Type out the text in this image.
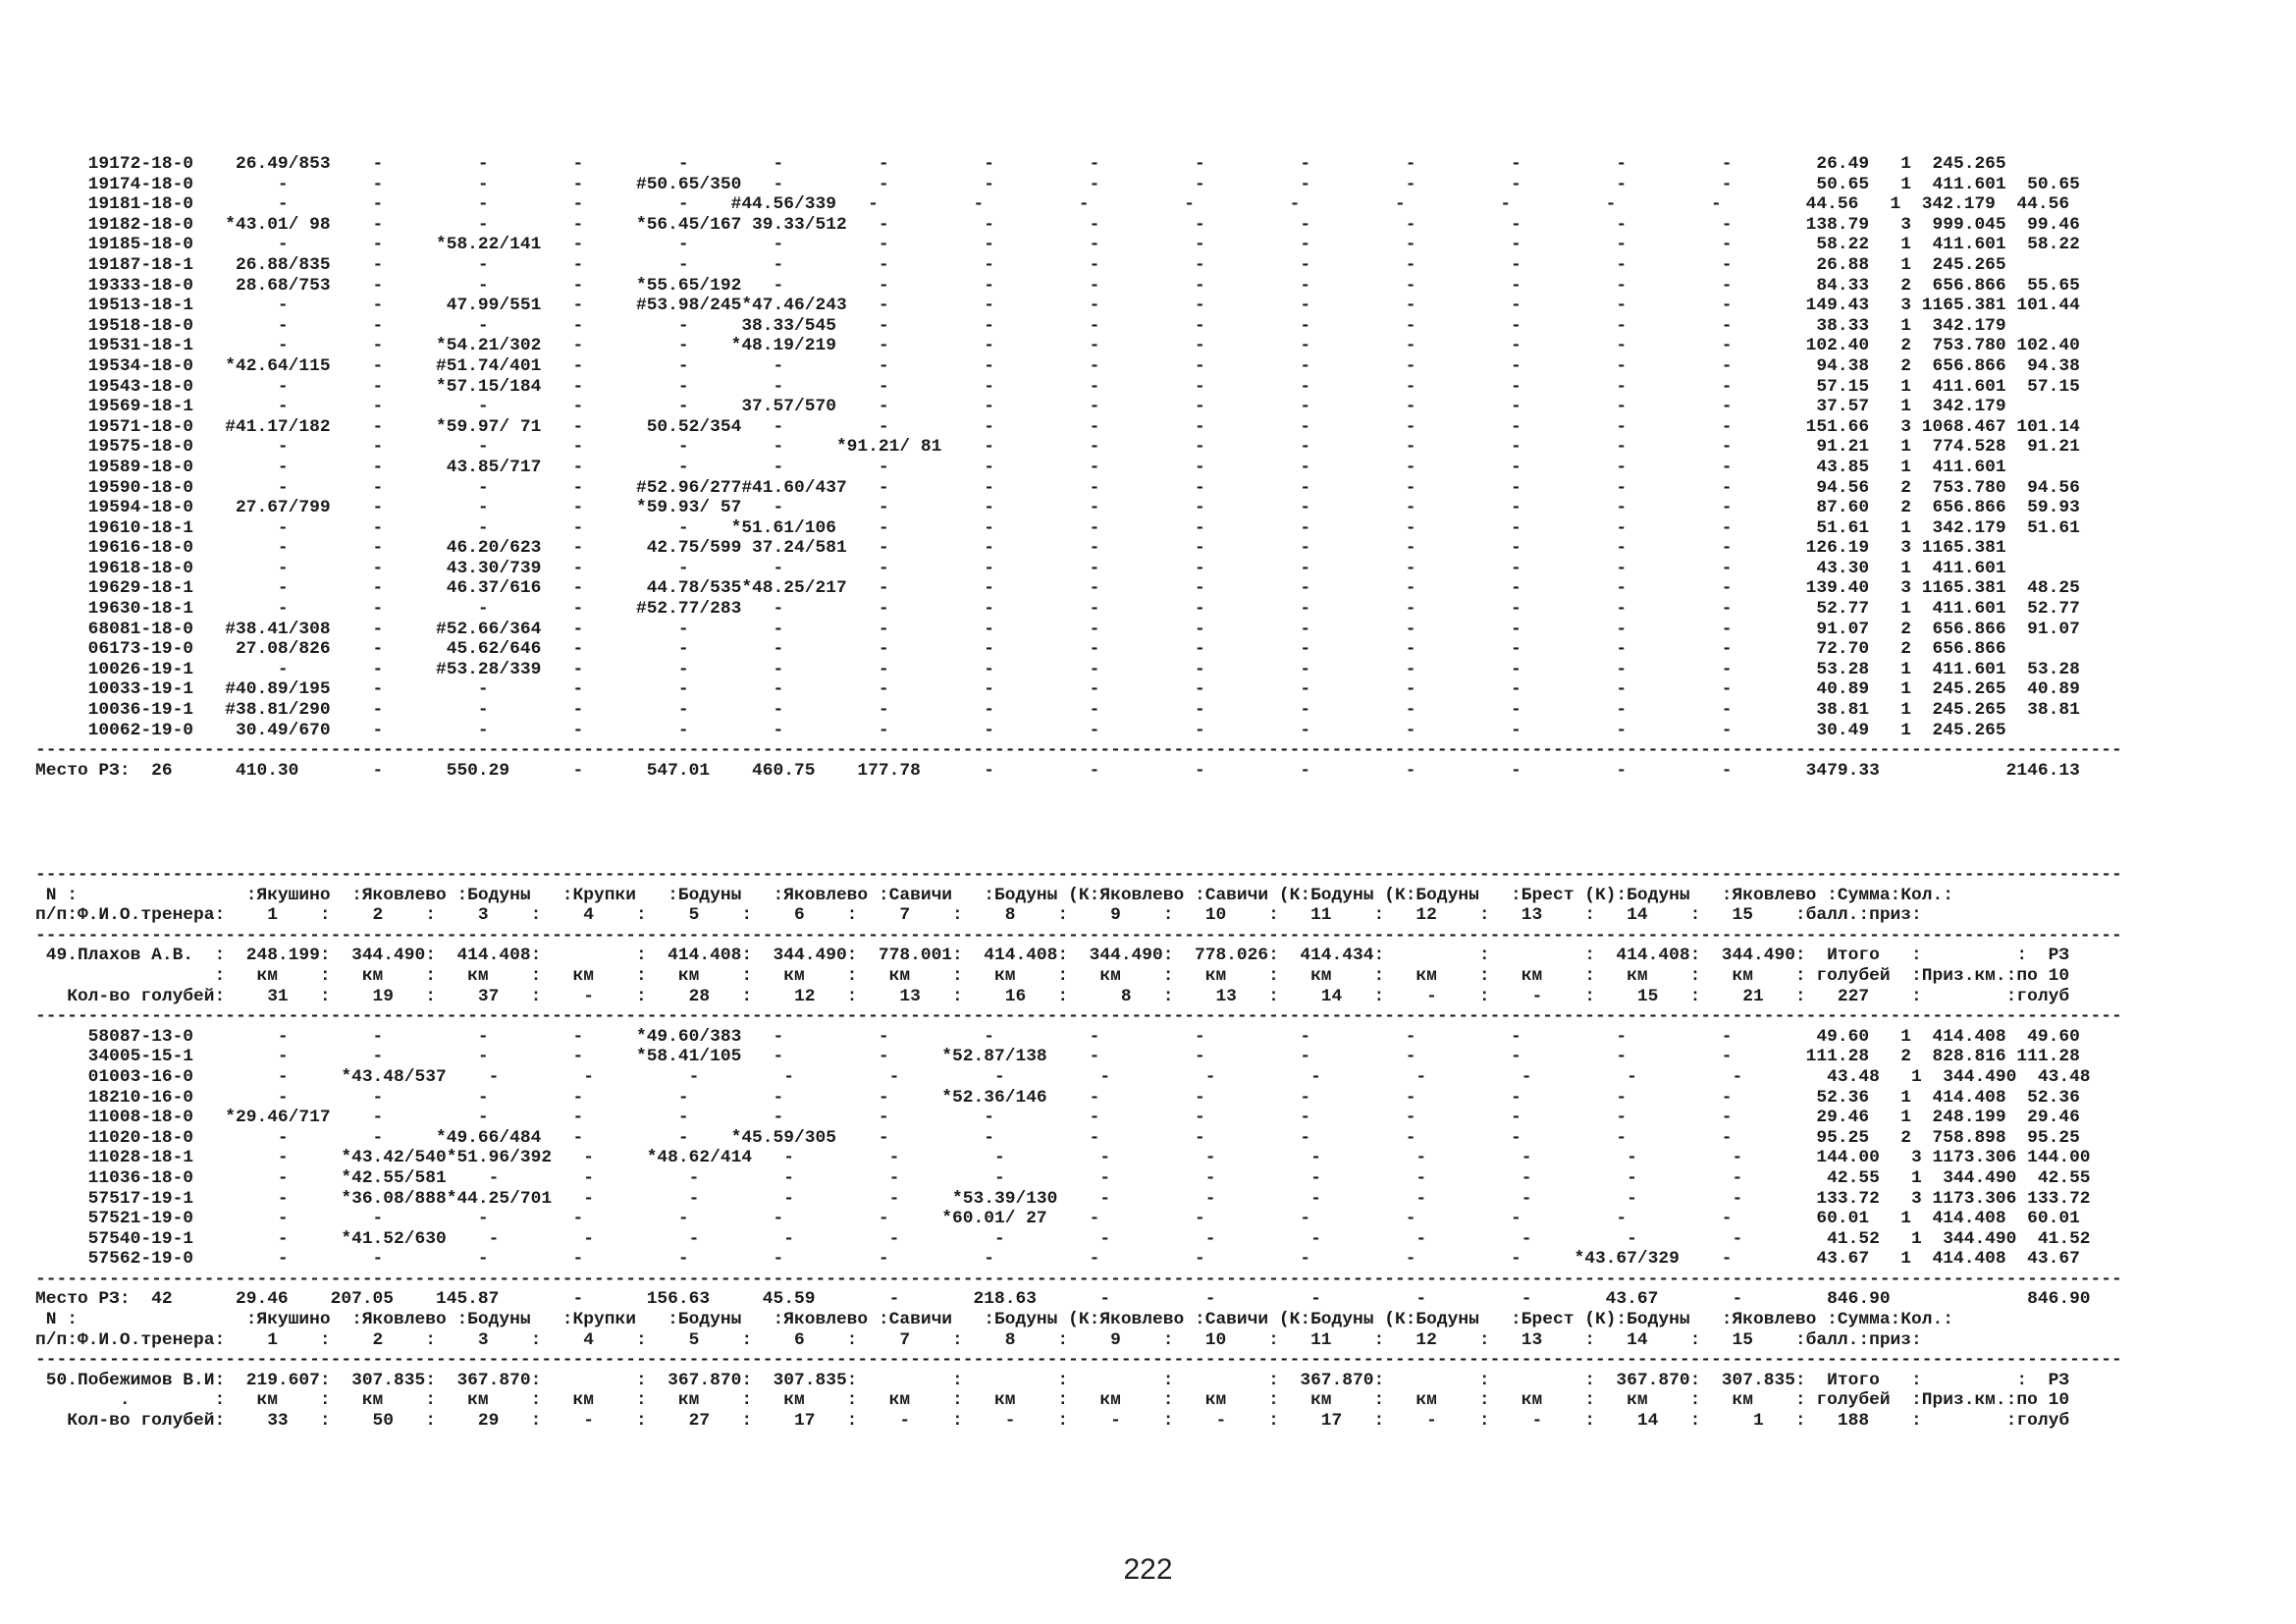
19172-18-0    26.49/853    -         -        -         -        -         -         -         -         -         -         -         -         -         -        26.49   1  245.265
19174-18-0        -        -         -        -     #50.65/350   -         -         -         -         -         -         -         -         -         -        50.65   1  411.601  50.65
19181-18-0        -        -         -        -         -    #44.56/339   -         -         -         -         -         -         -         -         -        44.56   1  342.179  44.56
19182-18-0   *43.01/ 98    -         -        -     *56.45/167 39.33/512   -         -         -         -         -         -         -         -         -       138.79   3  999.045  99.46
19185-18-0        -        -     *58.22/141   -         -        -         -         -         -         -         -         -         -         -         -        58.22   1  411.601  58.22
19187-18-1    26.88/835    -         -        -         -        -         -         -         -         -         -         -         -         -         -        26.88   1  245.265
19333-18-0    28.68/753    -         -        -     *55.65/192   -         -         -         -         -         -         -         -         -         -        84.33   2  656.866  55.65
19513-18-1        -        -      47.99/551   -     #53.98/245*47.46/243   -         -         -         -         -         -         -         -         -       149.43   3 1165.381 101.44
19518-18-0        -        -         -        -         -     38.33/545    -         -         -         -         -         -         -         -         -        38.33   1  342.179
19531-18-1        -        -     *54.21/302   -         -    *48.19/219    -         -         -         -         -         -         -         -         -       102.40   2  753.780 102.40
19534-18-0   *42.64/115    -     #51.74/401   -         -        -         -         -         -         -         -         -         -         -         -        94.38   2  656.866  94.38
19543-18-0        -        -     *57.15/184   -         -        -         -         -         -         -         -         -         -         -         -        57.15   1  411.601  57.15
19569-18-1        -        -         -        -         -     37.57/570    -         -         -         -         -         -         -         -         -        37.57   1  342.179
19571-18-0   #41.17/182    -     *59.97/ 71   -      50.52/354   -         -         -         -         -         -         -         -         -         -       151.66   3 1068.467 101.14
19575-18-0        -        -         -        -         -        -     *91.21/ 81    -         -         -         -         -         -         -         -        91.21   1  774.528  91.21
19589-18-0        -        -      43.85/717   -         -        -         -         -         -         -         -         -         -         -         -        43.85   1  411.601
19590-18-0        -        -         -        -     #52.96/277#41.60/437   -         -         -         -         -         -         -         -         -        94.56   2  753.780  94.56
19594-18-0    27.67/799    -         -        -     *59.93/ 57   -         -         -         -         -         -         -         -         -         -        87.60   2  656.866  59.93
19610-18-1        -        -         -        -         -    *51.61/106    -         -         -         -         -         -         -         -         -        51.61   1  342.179  51.61
19616-18-0        -        -      46.20/623   -      42.75/599 37.24/581   -         -         -         -         -         -         -         -         -       126.19   3 1165.381
19618-18-0        -        -      43.30/739   -         -        -         -         -         -         -         -         -         -         -         -        43.30   1  411.601
19629-18-1        -        -      46.37/616   -      44.78/535*48.25/217   -         -         -         -         -         -         -         -         -       139.40   3 1165.381  48.25
19630-18-1        -        -         -        -     #52.77/283   -         -         -         -         -         -         -         -         -         -        52.77   1  411.601  52.77
68081-18-0   #38.41/308    -     #52.66/364   -         -        -         -         -         -         -         -         -         -         -         -        91.07   2  656.866  91.07
06173-19-0    27.08/826    -      45.62/646   -         -        -         -         -         -         -         -         -         -         -         -        72.70   2  656.866
10026-19-1        -        -     #53.28/339   -         -        -         -         -         -         -         -         -         -         -         -        53.28   1  411.601  53.28
10033-19-1   #40.89/195    -         -        -         -        -         -         -         -         -         -         -         -         -         -        40.89   1  245.265  40.89
10036-19-1   #38.81/290    -         -        -         -        -         -         -         -         -         -         -         -         -         -        38.81   1  245.265  38.81
10062-19-0    30.49/670    -         -        -         -        -         -         -         -         -         -         -         -         -         -        30.49   1  245.265
------------------------------------------------------------------------------------------------------------------------------------------------------------------------------------------------------
Место РЗ:  26      410.30       -      550.29      -      547.01    460.75    177.78      -         -         -         -         -         -         -         -       3479.33            2146.13
------------------------------------------------------------------------------------------------------------------------------------------------------------------------------------------------------
N :                :Якушино  :Яковлево :Бодуны   :Крупки   :Бодуны   :Яковлево :Савичи   :Бодуны (К:Яковлево :Савичи (К:Бодуны (К:Бодуны   :Брест (К):Бодуны   :Яковлево :Сумма:Кол.:
п/п:Ф.И.О.тренера:    1    :    2    :    3    :    4    :    5    :    6    :    7    :    8    :    9    :   10    :   11    :   12    :   13    :   14    :   15    :балл.:приз:
------------------------------------------------------------------------------------------------------------------------------------------------------------------------------------------------------
49.Плахов А.В.  :  248.199:  344.490:  414.408:         :  414.408:  344.490:  778.001:  414.408:  344.490:  778.026:  414.434:         :         :  414.408:  344.490:  Итого   :         :  РЗ
:   км    :   км    :   км    :   км    :   км    :   км    :   км    :   км    :   км    :   км    :   км    :   км    :   км    :   км    :   км    : голубей  :Приз.км.:по 10
Кол-во голубей:    31   :    19   :    37   :    -    :    28   :    12   :    13   :    16   :     8   :    13   :    14   :    -    :    -    :    15   :    21   :   227    :        :голуб
------------------------------------------------------------------------------------------------------------------------------------------------------------------------------------------------------
58087-13-0        -        -         -        -     *49.60/383   -         -         -         -         -         -         -         -         -         -        49.60   1  414.408  49.60
34005-15-1        -        -         -        -     *58.41/105   -         -     *52.87/138    -         -         -         -         -         -         -       111.28   2  828.816 111.28
01003-16-0        -     *43.48/537    -        -         -        -         -         -         -         -         -         -         -         -         -        43.48   1  344.490  43.48
18210-16-0        -        -         -        -         -        -         -     *52.36/146    -         -         -         -         -         -         -        52.36   1  414.408  52.36
11008-18-0   *29.46/717    -         -        -         -        -         -         -         -         -         -         -         -         -         -        29.46   1  248.199  29.46
11020-18-0        -        -     *49.66/484   -         -    *45.59/305    -         -         -         -         -         -         -         -         -        95.25   2  758.898  95.25
11028-18-1        -     *43.42/540*51.96/392   -     *48.62/414   -         -         -         -         -         -         -         -         -         -       144.00   3 1173.306 144.00
11036-18-0        -     *42.55/581    -        -         -        -         -         -         -         -         -         -         -         -         -        42.55   1  344.490  42.55
57517-19-1        -     *36.08/888*44.25/701   -         -        -         -     *53.39/130    -         -         -         -         -         -         -       133.72   3 1173.306 133.72
57521-19-0        -        -         -        -         -        -         -     *60.01/ 27    -         -         -         -         -         -         -        60.01   1  414.408  60.01
57540-19-1        -     *41.52/630    -        -         -        -         -         -         -         -         -         -         -         -         -        41.52   1  344.490  41.52
57562-19-0        -        -         -        -         -        -         -         -         -         -         -         -         -     *43.67/329    -        43.67   1  414.408  43.67
------------------------------------------------------------------------------------------------------------------------------------------------------------------------------------------------------
Место РЗ:  42      29.46    207.05    145.87       -      156.63     45.59       -       218.63      -         -         -         -         -       43.67       -        846.90             846.90
N :                :Якушино  :Яковлево :Бодуны   :Крупки   :Бодуны   :Яковлево :Савичи   :Бодуны (К:Яковлево :Савичи (К:Бодуны (К:Бодуны   :Брест (К):Бодуны   :Яковлево :Сумма:Кол.:
п/п:Ф.И.О.тренера:    1    :    2    :    3    :    4    :    5    :    6    :    7    :    8    :    9    :   10    :   11    :   12    :   13    :   14    :   15    :балл.:приз:
------------------------------------------------------------------------------------------------------------------------------------------------------------------------------------------------------
50.Побежимов В.И:  219.607:  307.835:  367.870:         :  367.870:  307.835:         :         :         :         :  367.870:         :         :  367.870:  307.835:  Итого   :         :  РЗ
.        :   км    :   км    :   км    :   км    :   км    :   км    :   км    :   км    :   км    :   км    :   км    :   км    :   км    :   км    :   км    : голубей  :Приз.км.:по 10
Кол-во голубей:    33   :    50   :    29   :    -    :    27   :    17   :    -    :    -    :    -    :    -    :    17   :    -    :    -    :    14   :     1   :   188    :        :голуб
222
